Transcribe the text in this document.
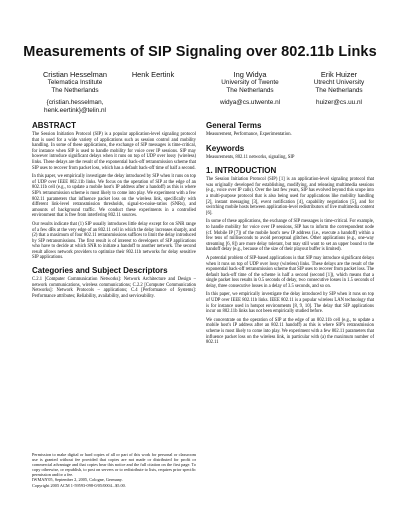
Measurements of SIP Signaling over 802.11b Links
Cristian Hesselman
Telematica Institute
The Netherlands
{cristian.hesselman,
henk.eertink}@telin.nl
Henk Eertink	Ing Widya
University of Twente
The Netherlands
widya@cs.utwente.nl
Erik Huizer
Utrecht University
The Netherlands
huizer@cs.uu.nl
ABSTRACT

The Session Initiation Protocol (SIP) is a popular application-level signaling protocol that is used for a wide variety of applications such as session control and mobility handling. In some of these applications, the exchange of SIP messages is time-critical, for instance when SIP is used to handle mobility for voice over IP sessions. SIP may however introduce significant delays when it runs on top of UDP over lossy (wireless) links. These delays are the result of the exponential back-off retransmission scheme that SIP uses to recover from packet loss, which has a default back-off time of half a second.

In this paper, we empirically investigate the delay introduced by SIP when it runs on top of UDP over IEEE 802.11b links. We focus on the operation of SIP at the edge of an 802.11b cell (e.g., to update a mobile host's IP address after a handoff) as this is where SIP's retransmission scheme is most likely to come into play. We experiment with a few 802.11 parameters that influence packet loss on the wireless link, specifically with different link-level retransmission thresholds, signal-to-noise-ratios (SNRs), and amounts of background traffic. We conduct these experiments in a controlled environment that is free from interfering 802.11 sources.

Our results indicate that (1) SIP usually introduces little delay except for on SNR range of a few dBs at the very edge of an 802.11 cell in which the delay increases sharply, and (2) that a maximum of four 802.11 retransmissions suffices to limit the delay introduced by SIP retransmissions. The first result is of interest to developers of SIP applications who have to decide at which SNR to initiate a handoff to another network. The second result allows network providers to optimize their 802.11b networks for delay sensitive SIP applications.

Categories and Subject Descriptors

C.2.1 [Computer Communication Networks]: Network Architecture and Design – network communications, wireless communications; C.2.2 [Computer Communication Networks]: Network Protocols – applications; C.4 [Performance of Systems]: Performance attributes; Reliability, availability, and serviceability.

Permission to make digital or hard copies of all or part of this work for personal or classroom use is granted without fee provided that copies are not made or distributed for profit or commercial advantage and that copies bear this notice and the full citation on the first page. To copy otherwise, or republish, to post on servers or to redistribute to lists, requires prior specific permission and/or a fee.
IWMAN'05, September 2, 2005, Cologne, Germany.
Copyright 2005 ACM 1-59593-098-0/05/0004...$5.00.
General Terms

Measurement, Performance, Experimentation.

Keywords

Measurements, 802.11 networks, signaling, SIP

1. INTRODUCTION

The Session Initiation Protocol (SIP) [1] is an application-level signaling protocol that was originally developed for establishing, modifying, and releasing multimedia sessions (e.g., voice over IP calls). Over the last few years, SIP has evolved beyond this scope into a multi-purpose protocol that is also being used for applications like mobility handling [2], instant messaging [3], event notification [4], capability negotiation [5], and for switching mobile hosts between application-level redistributors of live multimedia content [6].

In some of these applications, the exchange of SIP messages is time-critical. For example, to handle mobility for voice over IP sessions, SIP has to inform the correspondent node (cf. Mobile IP [7]) of the mobile host's new IP address (i.e., execute a handoff) within a few tens of milliseconds to avoid perceptual glitches. Other applications (e.g., one-way streaming [6, 8]) are more delay tolerant, but may still want to set an upper bound to the handoff delay (e.g., because of the size of their playout buffer is limited).

A potential problem of SIP-based applications is that SIP may introduce significant delays when it runs on top of UDP over lossy (wireless) links. These delays are the result of the exponential back-off retransmission scheme that SIP uses to recover from packet loss. The default back-off time of the scheme is half a second (second [1]), which means that a single packet loss results in 0.5 seconds of delay, two consecutive losses in 1.5 seconds of delay, three consecutive losses in a delay of 3.5 seconds, and so on.

In this paper, we empirically investigate the delay introduced by SIP when it runs on top of UDP over IEEE 802.11b links. IEEE 802.11 is a popular wireless LAN technology that is for instance used in hotspot environments [8, 9, 10]. The delay that SIP applications incur on 802.11b links has not been empirically studied before.

We concentrate on the operation of SIP at the edge of an 802.11b cell (e.g., to update a mobile host's IP address after an 802.11 handoff) as this is where SIP's retransmission scheme is most likely to come into play. We experiment with a few 802.11 parameters that influence packet loss on the wireless link, in particular with (a) the maximum number of 802.11
